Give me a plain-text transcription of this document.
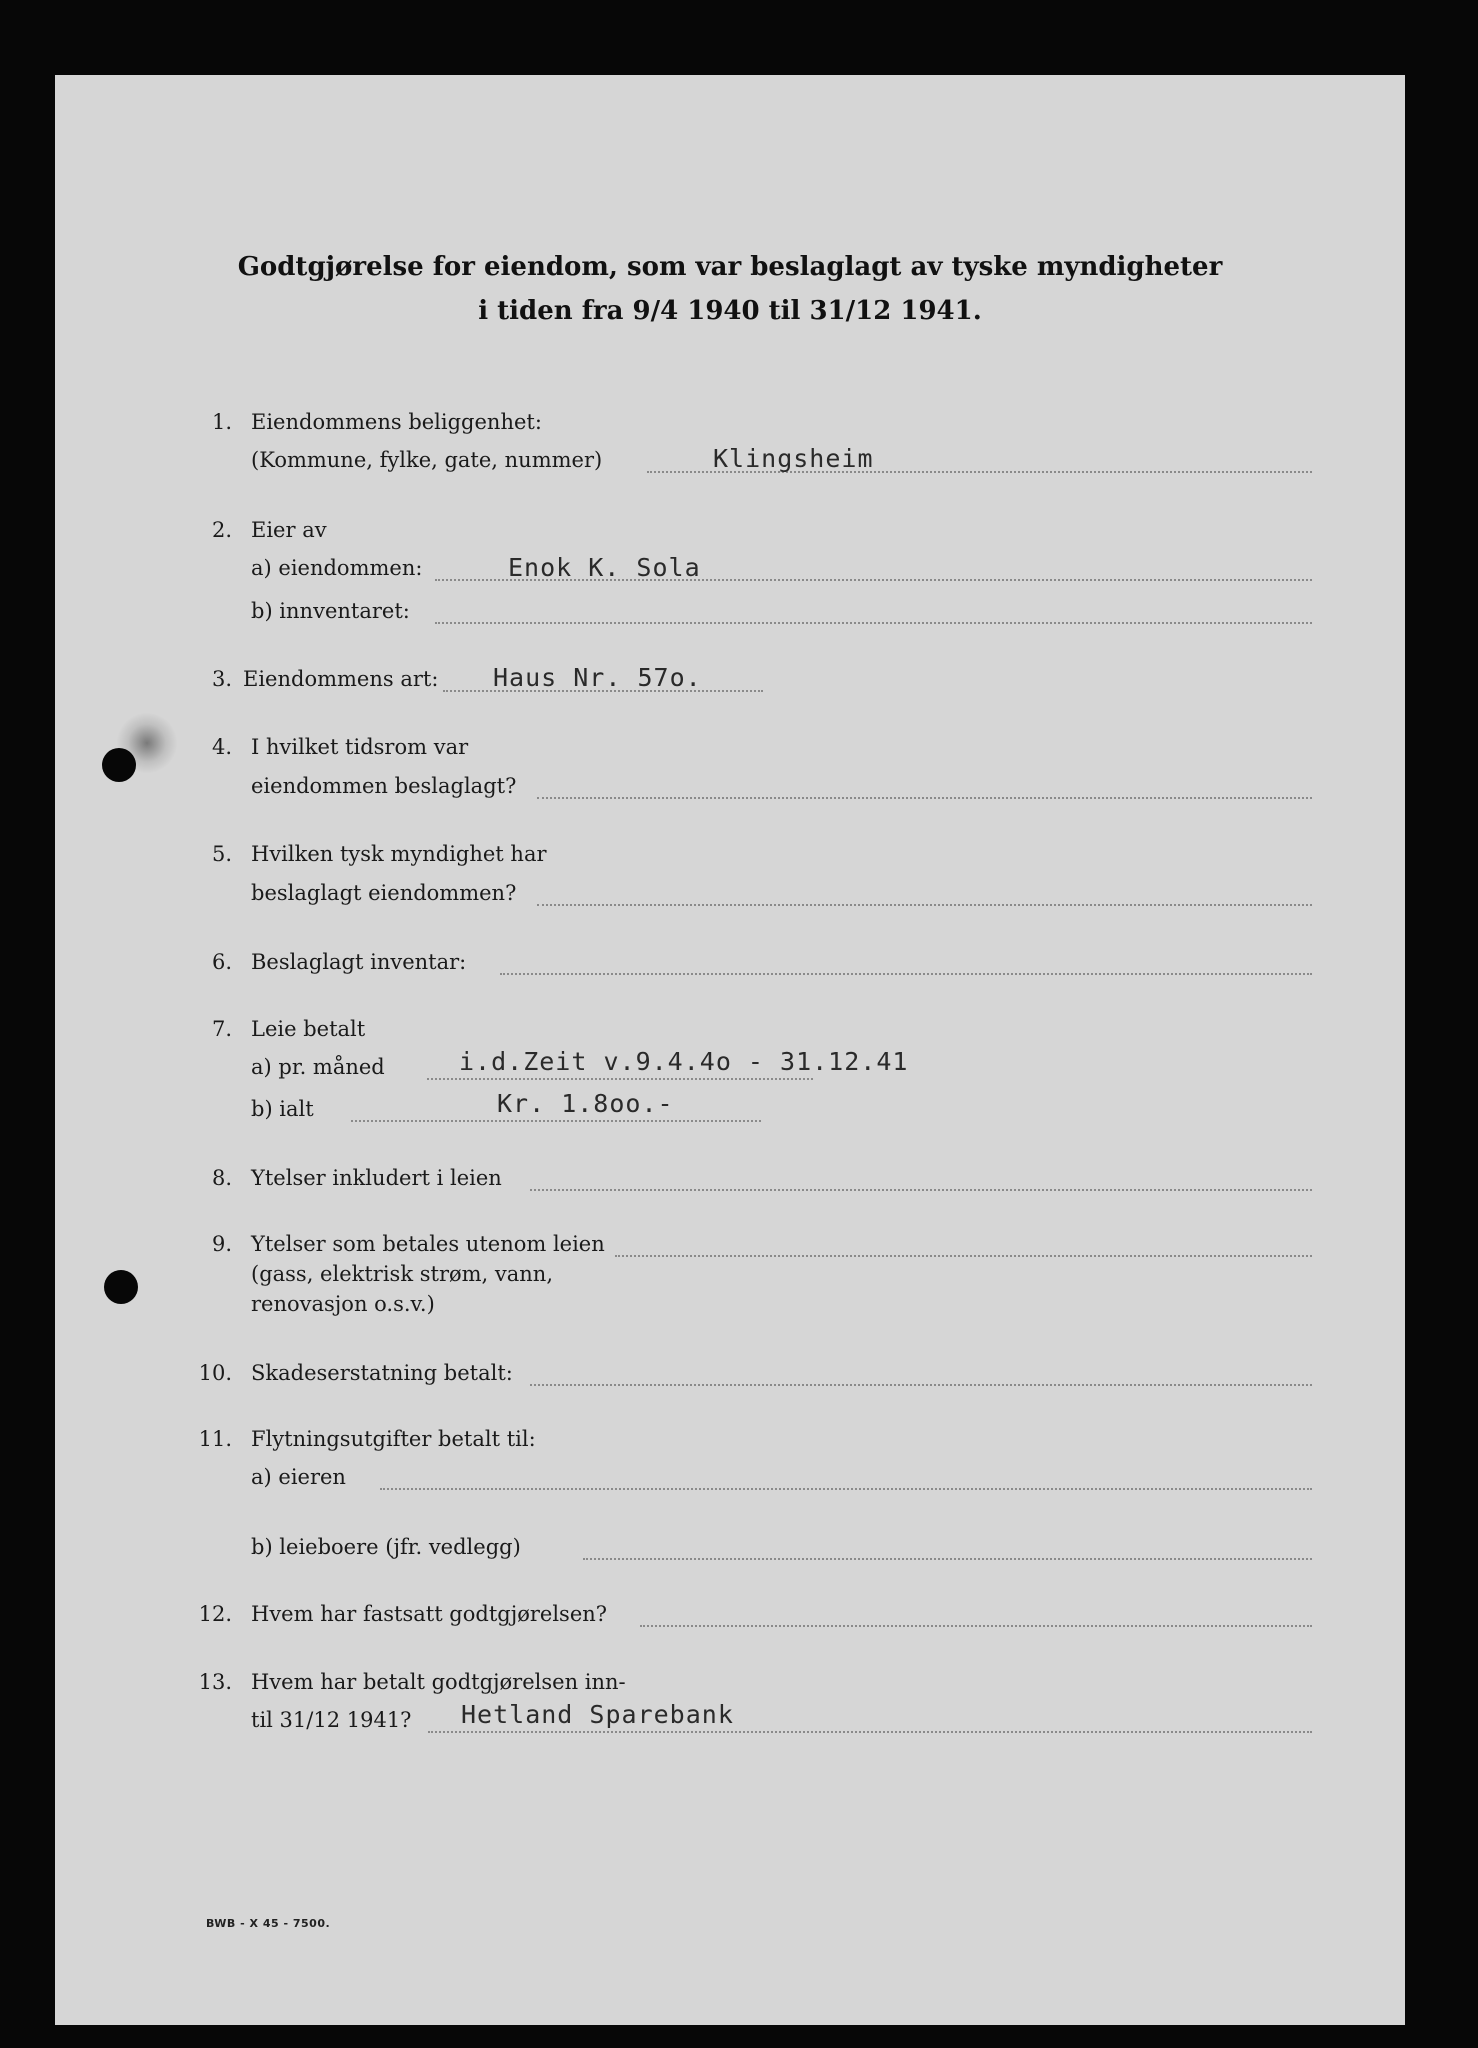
Godtgjørelse for eiendom, som var beslaglagt av tyske myndigheter
i tiden fra 9/4 1940 til 31/12 1941.
1. Eiendommens beliggenhet:
(Kommune, fylke, gate, nummer)	Klingsheim
2. Eier av
a) eiendommen:	Enok K. Sola
b) innventaret:
3. Eiendommens art: Haus Nr. 57o.
4. I hvilket tidsrom var
eiendommen beslaglagt?
5. Hvilken tysk myndighet har
beslaglagt eiendommen?
6. Beslaglagt inventar:
7. Leie betalt
a) pr. måned	i.d.Zeit v.9.4.4o - 31.12.41
b) ialt	Kr. 1.8oo.-
8. Ytelser inkludert i leien
9. Ytelser som betales utenom leien
(gass, elektrisk strøm, vann,
renovasjon o.s.v.)
10. Skadeserstatning betalt:
11. Flytningsutgifter betalt til:
a) eieren
b) leieboere (jfr. vedlegg)
12. Hvem har fastsatt godtgjørelsen?
13. Hvem har betalt godtgjørelsen inn-
til 31/12 1941? Hetland Sparebank
BWB - X 45 - 7500.
